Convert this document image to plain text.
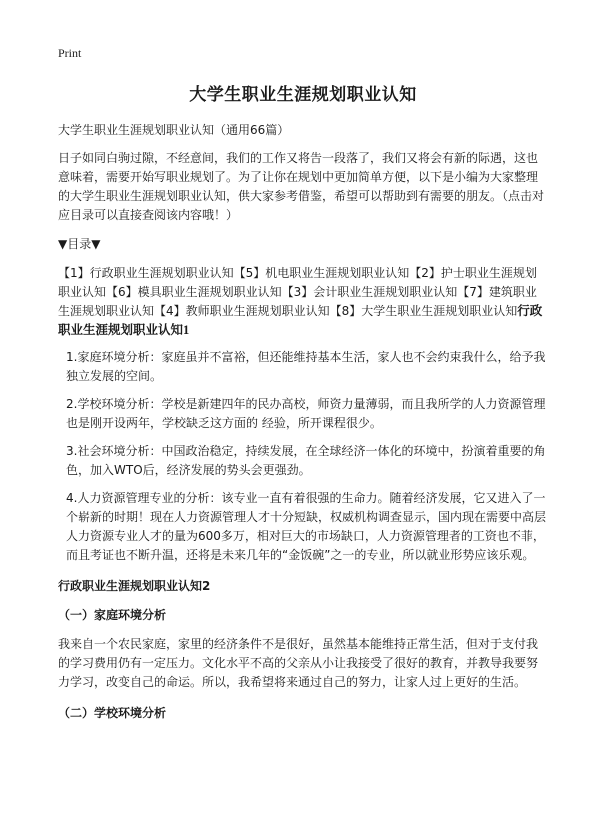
Print
大学生职业生涯规划职业认知

大学生职业生涯规划职业认知（通用66篇）

日子如同白驹过隙，不经意间，我们的工作又将告一段落了，我们又将会有新的际遇，这也意味着，需要开始写职业规划了。为了让你在规划中更加简单方便，以下是小编为大家整理的大学生职业生涯规划职业认知，供大家参考借鉴，希望可以帮助到有需要的朋友。（点击对应目录可以直接查阅该内容哦！）

▼目录▼

【1】行政职业生涯规划职业认知【5】机电职业生涯规划职业认知【2】护士职业生涯规划职业认知【6】模具职业生涯规划职业认知【3】会计职业生涯规划职业认知【7】建筑职业生涯规划职业认知【4】教师职业生涯规划职业认知【8】大学生职业生涯规划职业认知行政职业生涯规划职业认知1

1.家庭环境分析：家庭虽并不富裕，但还能维持基本生活，家人也不会约束我什么，给予我独立发展的空间。

2.学校环境分析：学校是新建四年的民办高校，师资力量薄弱，而且我所学的人力资源管理也是刚开设两年，学校缺乏这方面的 经验，所开课程很少。

3.社会环境分析：中国政治稳定，持续发展，在全球经济一体化的环境中，扮演着重要的角色，加入WTO后，经济发展的势头会更强劲。

4.人力资源管理专业的分析：该专业一直有着很强的生命力。随着经济发展，它又进入了一个崭新的时期！现在人力资源管理人才十分短缺，权威机构调查显示，国内现在需要中高层人力资源专业人才的量为600多万，相对巨大的市场缺口，人力资源管理者的工资也不菲，而且考证也不断升温，还将是未来几年的“金饭碗”之一的专业，所以就业形势应该乐观。

行政职业生涯规划职业认知2

（一）家庭环境分析

我来自一个农民家庭，家里的经济条件不是很好，虽然基本能维持正常生活，但对于支付我的学习费用仍有一定压力。文化水平不高的父亲从小让我接受了很好的教育，并教导我要努力学习，改变自己的命运。所以，我希望将来通过自己的努力，让家人过上更好的生活。

（二）学校环境分析
